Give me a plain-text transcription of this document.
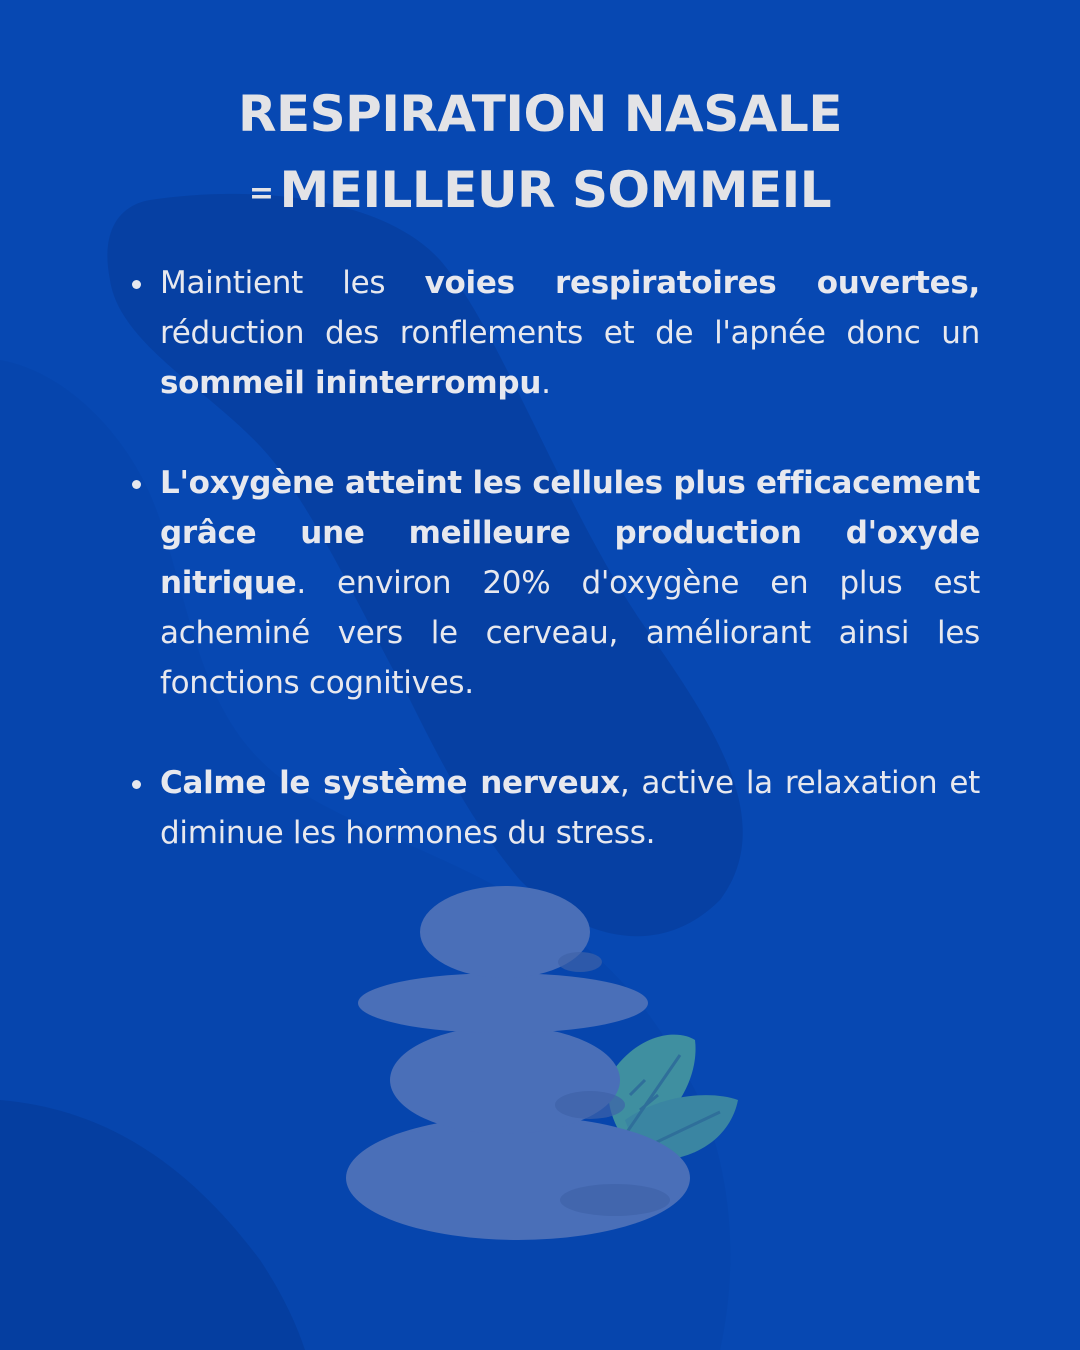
RESPIRATION NASALE
= MEILLEUR SOMMEIL
Maintient les voies respiratoires ouvertes, réduction des ronflements et de l'apnée donc un sommeil ininterrompu.
L'oxygène atteint les cellules plus efficacement grâce une meilleure production d'oxyde nitrique. environ 20% d'oxygène en plus est acheminé vers le cerveau, améliorant ainsi les fonctions cognitives.
Calme le système nerveux, active la relaxation et diminue les hormones du stress.
